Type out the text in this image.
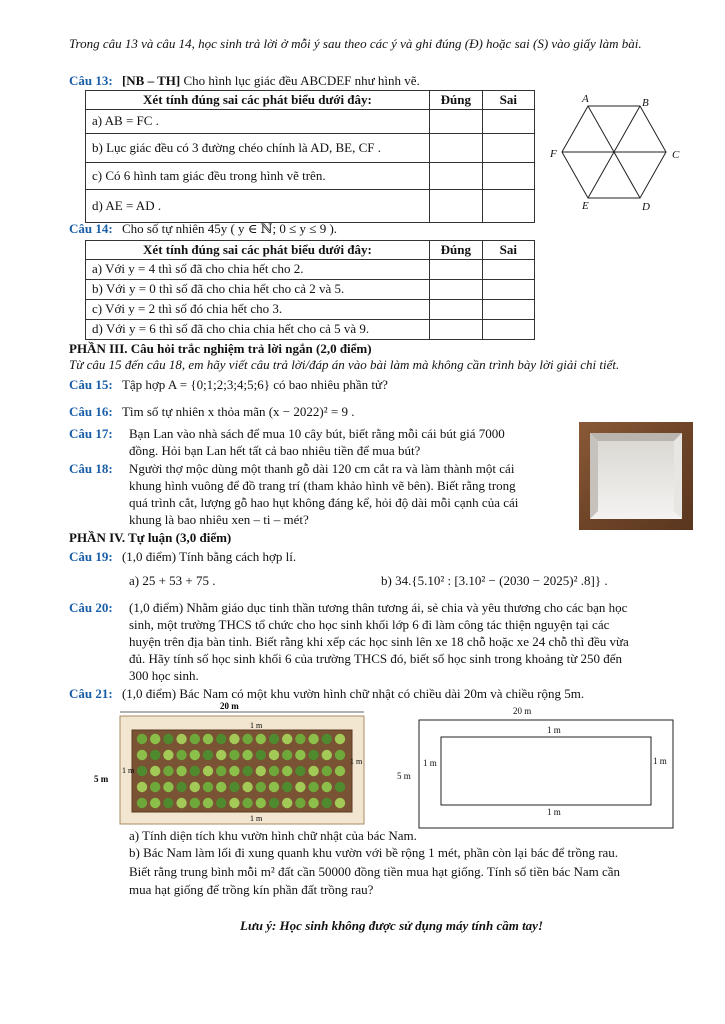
Trong câu 13 và câu 14, học sinh trả lời ở mỗi ý sau theo các ý và ghi đúng (Đ) hoặc sai (S) vào giấy làm bài.
Câu 13: [NB – TH] Cho hình lục giác đều ABCDEF như hình vẽ.
Xét tính đúng sai các phát biểu dưới đây:	Đúng	Sai
a) AB = FC .		
b) Lục giác đều có 3 đường chéo chính là AD, BE, CF .		
c) Có 6 hình tam giác đều trong hình vẽ trên.		
d) AE = AD .		
A	B
C
D
E
F
Câu 14: Cho số tự nhiên 45y ( y ∈ ℕ; 0 ≤ y ≤ 9 ).
Xét tính đúng sai các phát biểu dưới đây:	Đúng	Sai
a) Với y = 4 thì số đã cho chia hết cho 2.		
b) Với y = 0 thì số đã cho chia hết cho cả 2 và 5.		
c) Với y = 2 thì số đó chia hết cho 3.		
d) Với y = 6 thì số đã cho chia chia hết cho cả 5 và 9.		
PHẦN III. Câu hỏi trắc nghiệm trả lời ngắn (2,0 điểm)
Từ câu 15 đến câu 18, em hãy viết câu trả lời/đáp án vào bài làm mà không cần trình bày lời giải chi tiết.
Câu 15: Tập hợp A = {0;1;2;3;4;5;6} có bao nhiêu phần tử?
Câu 16: Tìm số tự nhiên x thỏa mãn (x − 2022)² = 9 .
Câu 17: Bạn Lan vào nhà sách để mua 10 cây bút, biết rằng mỗi cái bút giá 7000
đồng. Hỏi bạn Lan hết tất cả bao nhiêu tiền để mua bút?
Câu 18: Người thợ mộc dùng một thanh gỗ dài 120 cm cắt ra và làm thành một cái
khung hình vuông để đồ trang trí (tham khảo hình vẽ bên). Biết rằng trong
quá trình cắt, lượng gỗ hao hụt không đáng kể, hỏi độ dài mỗi cạnh của cái
khung là bao nhiêu xen – ti – mét?
PHẦN IV. Tự luận (3,0 điểm)
Câu 19: (1,0 điểm) Tính bằng cách hợp lí.
a) 25 + 53 + 75 .	b) 34.{5.10² : [3.10² − (2030 − 2025)² .8]} .
Câu 20: (1,0 điểm) Nhằm giáo dục tinh thần tương thân tương ái, sẻ chia và yêu thương cho các bạn học
sinh, một trường THCS tổ chức cho học sinh khối lớp 6 đi làm công tác thiện nguyện tại các
huyện trên địa bàn tỉnh. Biết rằng khi xếp các học sinh lên xe 18 chỗ hoặc xe 24 chỗ thì đều vừa
đủ. Hãy tính số học sinh khối 6 của trường THCS đó, biết số học sinh trong khoảng từ 250 đến
300 học sinh.
Câu 21: (1,0 điểm) Bác Nam có một khu vườn hình chữ nhật có chiều dài 20m và chiều rộng 5m.
20 m
1 m
1 m
1 m
1 m
5 m
20 m
1 m
1 m	1 m
1 m
5 m
a) Tính diện tích khu vườn hình chữ nhật của bác Nam.
b) Bác Nam làm lối đi xung quanh khu vườn với bề rộng 1 mét, phần còn lại bác để trồng rau.
Biết rằng trung bình mỗi m² đất cần 50000 đồng tiền mua hạt giống. Tính số tiền bác Nam cần
mua hạt giống để trồng kín phần đất trồng rau?
Lưu ý: Học sinh không được sử dụng máy tính cầm tay!
